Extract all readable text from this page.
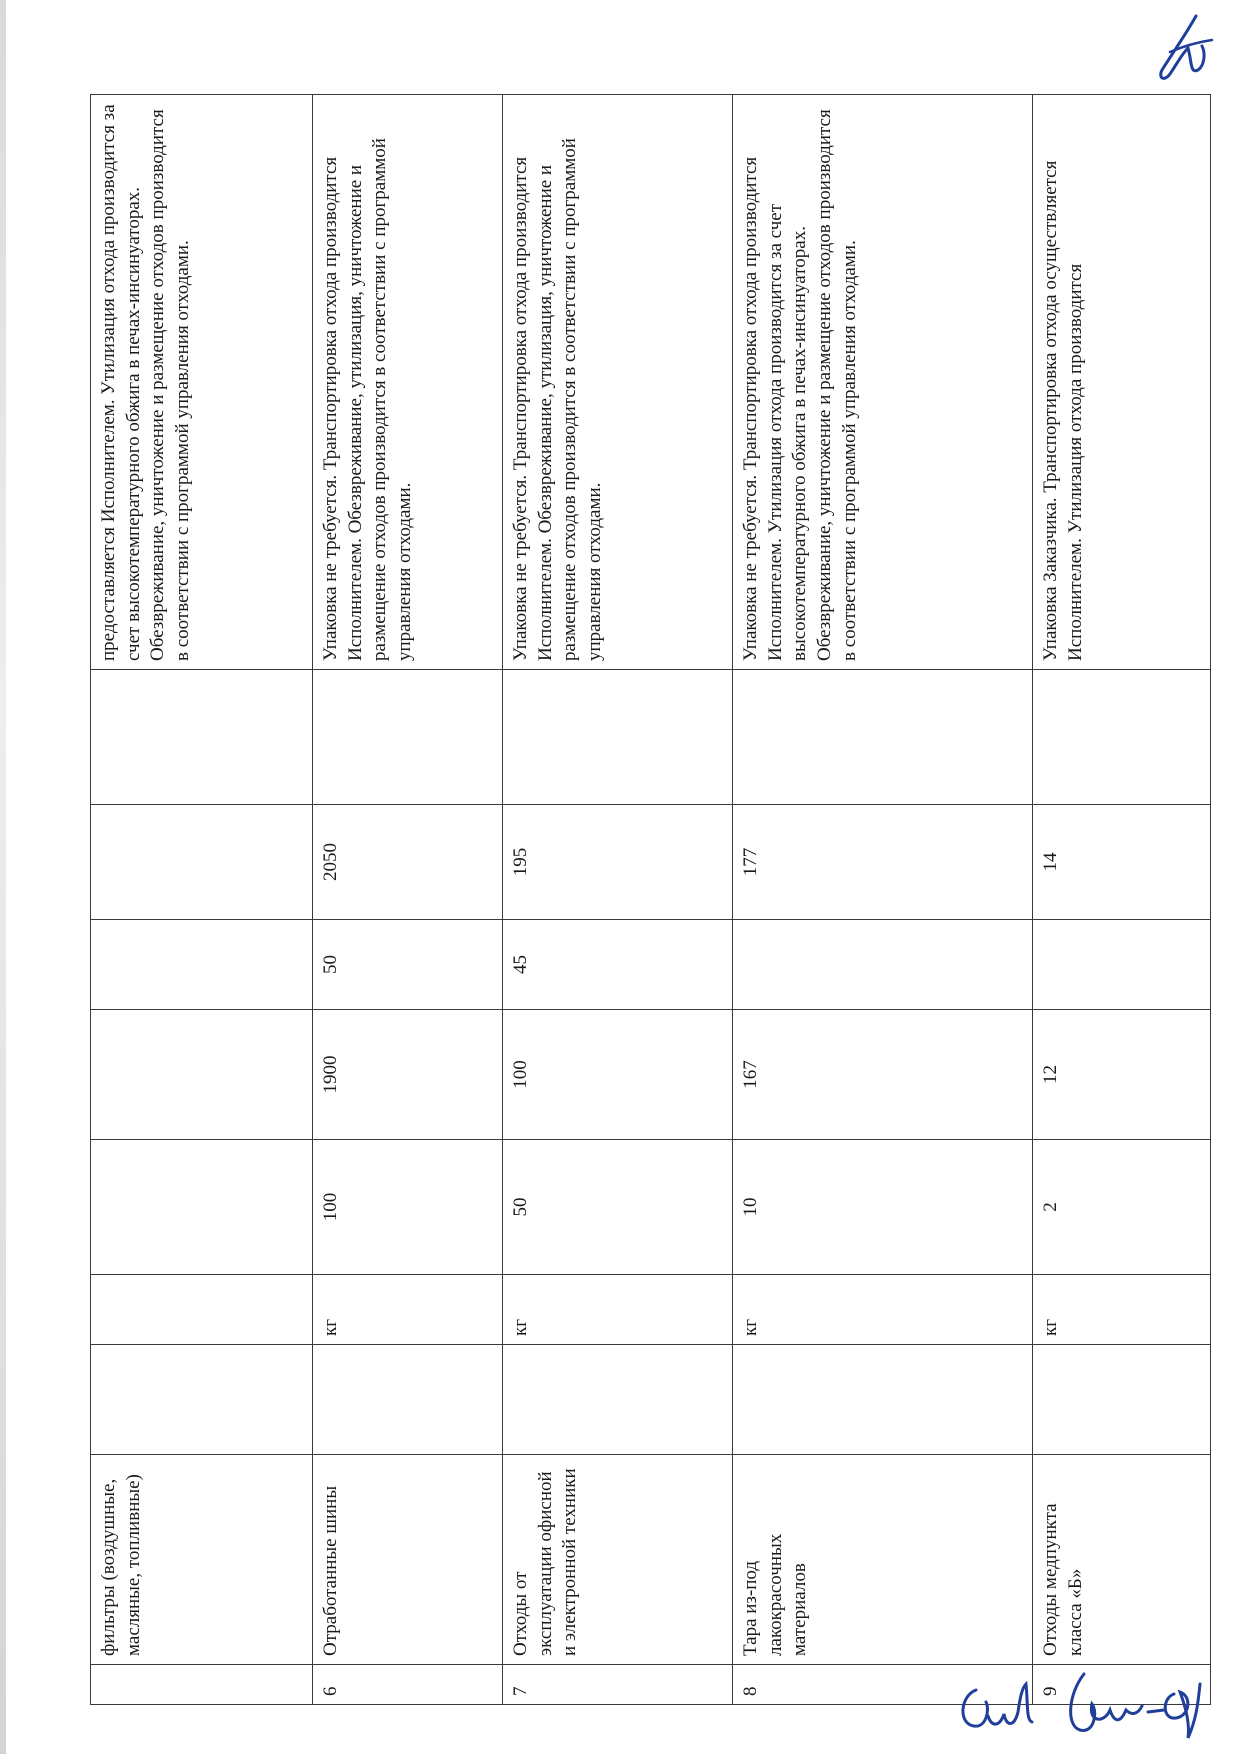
	фильтры (воздушные, масляные, топливные)								предоставляется Исполнителем. Утилизация отхода производится за счет высокотемпературного обжига в печах-инсинуаторах. Обезвреживание, уничтожение и размещение отходов производится в соответствии с программой управления отходами.
6	Отработанные шины		кг	100	1900	50	2050		Упаковка не требуется. Транспортировка отхода производится Исполнителем. Обезвреживание, утилизация, уничтожение и размещение отходов производится в соответствии с программой управления отходами.
7	Отходы от эксплуатации офисной и электронной техники		кг	50	100	45	195		Упаковка не требуется. Транспортировка отхода производится Исполнителем. Обезвреживание, утилизация, уничтожение и размещение отходов производится в соответствии с программой управления отходами.
8	Тара из-под лакокрасочных материалов		кг	10	167		177		Упаковка не требуется. Транспортировка отхода производится Исполнителем. Утилизация отхода производится за счет высокотемпературного обжига в печах-инсинуаторах. Обезвреживание, уничтожение и размещение отходов производится в соответствии с программой управления отходами.
9	Отходы медпункта класса «Б»		кг	2	12		14		Упаковка Заказчика. Транспортировка отхода осуществляется Исполнителем. Утилизация отхода производится
